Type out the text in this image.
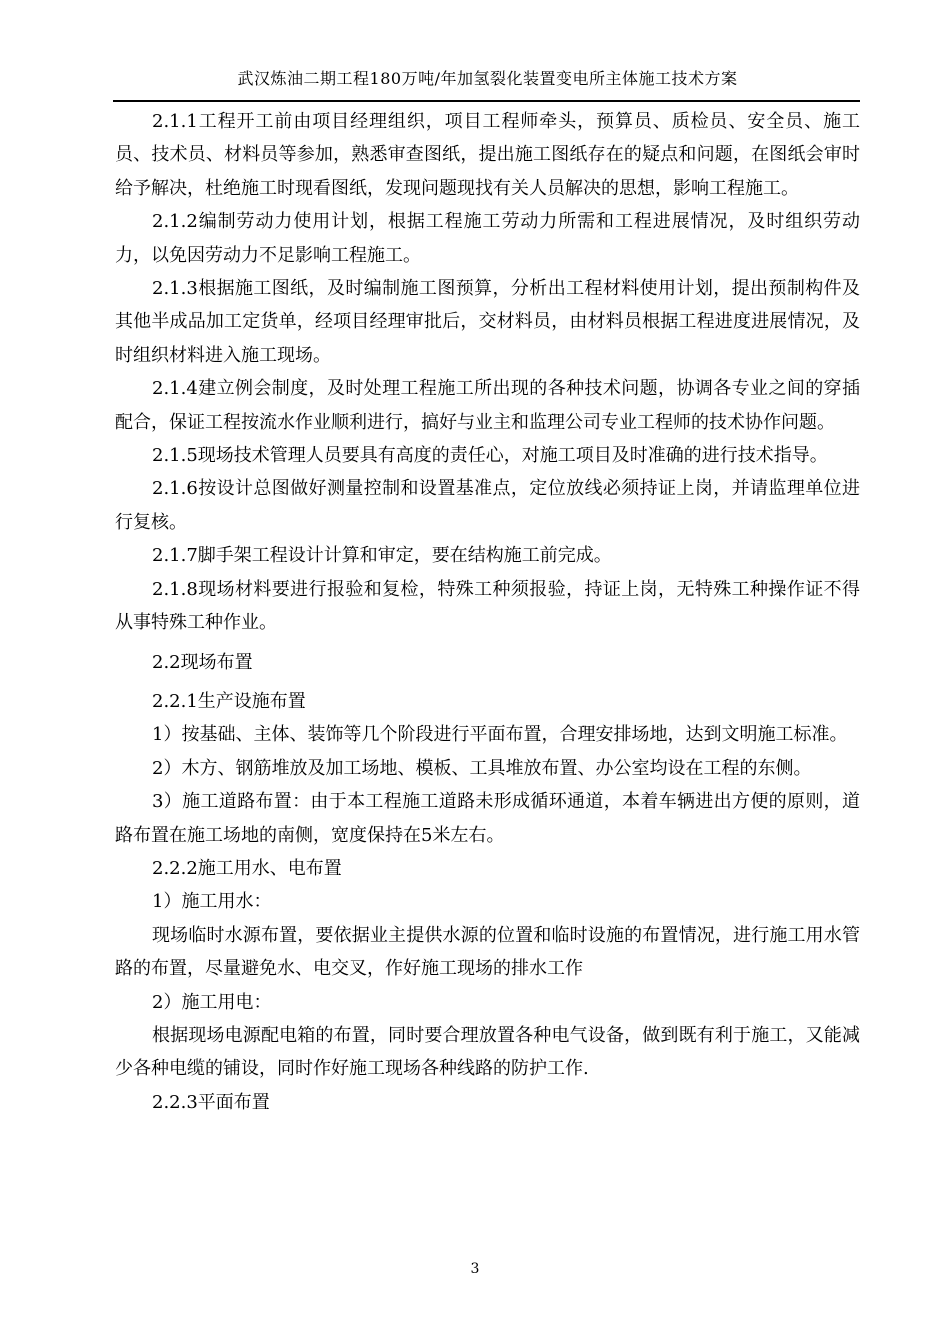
武汉炼油二期工程180万吨/年加氢裂化装置变电所主体施工技术方案

2.1.1工程开工前由项目经理组织，项目工程师牵头，预算员、质检员、安全员、施工员、技术员、材料员等参加，熟悉审查图纸，提出施工图纸存在的疑点和问题，在图纸会审时给予解决，杜绝施工时现看图纸，发现问题现找有关人员解决的思想，影响工程施工。

2.1.2编制劳动力使用计划，根据工程施工劳动力所需和工程进展情况，及时组织劳动力，以免因劳动力不足影响工程施工。

2.1.3根据施工图纸，及时编制施工图预算，分析出工程材料使用计划，提出预制构件及其他半成品加工定货单，经项目经理审批后，交材料员，由材料员根据工程进度进展情况，及时组织材料进入施工现场。

2.1.4建立例会制度，及时处理工程施工所出现的各种技术问题，协调各专业之间的穿插配合，保证工程按流水作业顺利进行，搞好与业主和监理公司专业工程师的技术协作问题。

2.1.5现场技术管理人员要具有高度的责任心，对施工项目及时准确的进行技术指导。

2.1.6按设计总图做好测量控制和设置基准点，定位放线必须持证上岗，并请监理单位进行复核。

2.1.7脚手架工程设计计算和审定，要在结构施工前完成。

2.1.8现场材料要进行报验和复检，特殊工种须报验，持证上岗，无特殊工种操作证不得从事特殊工种作业。

2.2现场布置

2.2.1生产设施布置

1）按基础、主体、装饰等几个阶段进行平面布置，合理安排场地，达到文明施工标准。

2）木方、钢筋堆放及加工场地、模板、工具堆放布置、办公室均设在工程的东侧。

3）施工道路布置：由于本工程施工道路未形成循环通道，本着车辆进出方便的原则，道路布置在施工场地的南侧，宽度保持在5米左右。

2.2.2施工用水、电布置

1）施工用水：

现场临时水源布置，要依据业主提供水源的位置和临时设施的布置情况，进行施工用水管路的布置，尽量避免水、电交叉，作好施工现场的排水工作

2）施工用电：

根据现场电源配电箱的布置，同时要合理放置各种电气设备，做到既有利于施工，又能减少各种电缆的铺设，同时作好施工现场各种线路的防护工作.

2.2.3平面布置

3
